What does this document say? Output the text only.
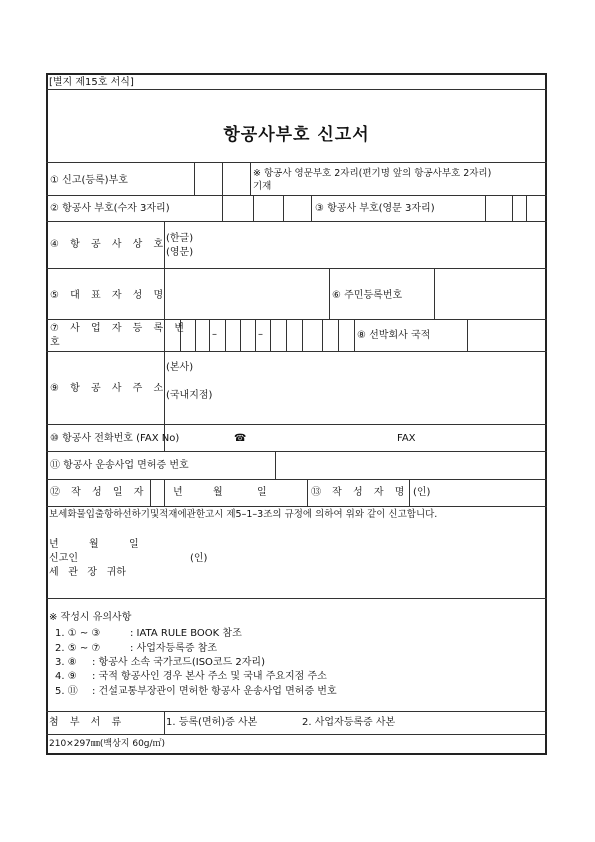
[별지 제15호 서식]
항공사부호 신고서
① 신고(등록)부호
※ 항공사 영문부호 2자리(편기명 앞의 항공사부호 2자리)
기재
② 항공사 부호(수자 3자리)	③ 항공사 부호(영문 3자리)
④ 항 공 사 상 호
(한글)
(영문)
⑤ 대 표 자 성 명	⑥ 주민등록번호
⑦ 사 업 자 등 록 번
호
–	–	⑧ 선박회사 국적
⑨ 항 공 사 주 소
(본사)
(국내지점)
⑩ 항공사 전화번호 (FAX No)	☎	FAX
⑪ 항공사 운송사업 면허증 번호
⑫ 작 성 일 자	년	월	일	⑬ 작 성 자 명 (인)
보세화물입출항하선하기및적재에관한고시 제5–1–3조의 규정에 의하여 위와 같이 신고합니다.
년	월	일
신고인	(인)
세   관   장   귀하
※ 작성시 유의사항
1. ① ~ ③	: IATA RULE BOOK 참조
2. ⑤ ~ ⑦	: 사업자등록증 참조
3. ⑧ : 항공사 소속 국가코드(ISO코드 2자리)
4. ⑨ : 국적 항공사인 경우 본사 주소 및 국내 주요지점 주소
5. ⑪ : 건설교통부장관이 면허한 항공사 운송사업 면허증 번호
첨 부 서 류	1. 등록(면허)증 사본	2. 사업자등록증 사본
210×297㎜(백상지 60g/㎡)
